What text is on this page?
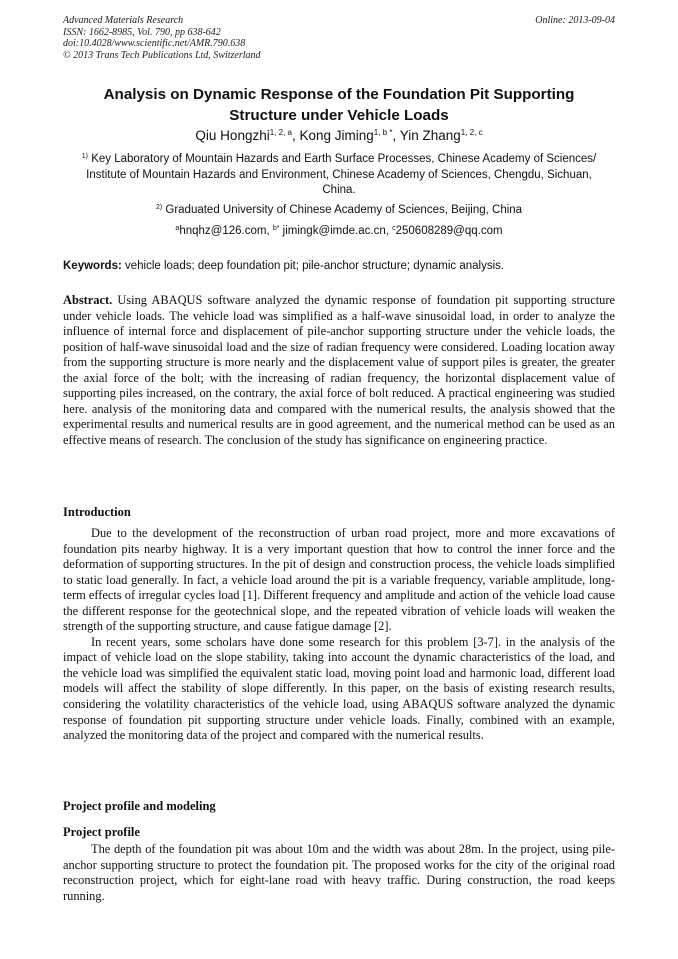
Advanced Materials Research
ISSN: 1662-8985, Vol. 790, pp 638-642
doi:10.4028/www.scientific.net/AMR.790.638
© 2013 Trans Tech Publications Ltd, Switzerland
Online: 2013-09-04
Analysis on Dynamic Response of the Foundation Pit Supporting
Structure under Vehicle Loads
Qiu Hongzhi$^{1, 2, a}$, Kong Jiming$^{1, b *}$, Yin Zhang$^{1, 2, c}$
$^{1)}$ Key Laboratory of Mountain Hazards and Earth Surface Processes, Chinese Academy of Sciences/ Institute of Mountain Hazards and Environment, Chinese Academy of Sciences, Chengdu, Sichuan, China.
$^{2)}$ Graduated University of Chinese Academy of Sciences, Beijing, China
$^a$hnqhz@126.com, $^{b*}$ jimingk@imde.ac.cn, $^c$250608289@qq.com
Keywords: vehicle loads; deep foundation pit; pile-anchor structure; dynamic analysis.
Abstract. Using ABAQUS software analyzed the dynamic response of foundation pit supporting structure under vehicle loads. The vehicle load was simplified as a half-wave sinusoidal load, in order to analyze the influence of internal force and displacement of pile-anchor supporting structure under the vehicle loads, the position of half-wave sinusoidal load and the size of radian frequency were considered. Loading location away from the supporting structure is more nearly and the displacement value of support piles is greater, the greater the axial force of the bolt; with the increasing of radian frequency, the horizontal displacement value of supporting piles increased, on the contrary, the axial force of bolt reduced. A practical engineering was studied here. analysis of the monitoring data and compared with the numerical results, the analysis showed that the experimental results and numerical results are in good agreement, and the numerical method can be used as an effective means of research. The conclusion of the study has significance on engineering practice.
Introduction

Due to the development of the reconstruction of urban road project, more and more excavations of foundation pits nearby highway. It is a very important question that how to control the inner force and the deformation of supporting structures. In the pit of design and construction process, the vehicle loads simplified to static load generally. In fact, a vehicle load around the pit is a variable frequency, variable amplitude, long-term effects of irregular cycles load [1]. Different frequency and amplitude and action of the vehicle load cause the different response for the geotechnical slope, and the repeated vibration of vehicle loads will weaken the strength of the supporting structure, and cause fatigue damage [2].

In recent years, some scholars have done some research for this problem [3-7]. in the analysis of the impact of vehicle load on the slope stability, taking into account the dynamic characteristics of the load, and the vehicle load was simplified the equivalent static load, moving point load and harmonic load, different load models will affect the stability of slope differently. In this paper, on the basis of existing research results, considering the volatility characteristics of the vehicle load, using ABAQUS software analyzed the dynamic response of foundation pit supporting structure under vehicle loads. Finally, combined with an example, analyzed the monitoring data of the project and compared with the numerical results.

Project profile and modeling
Project profile

The depth of the foundation pit was about 10m and the width was about 28m. In the project, using pile-anchor supporting structure to protect the foundation pit. The proposed works for the city of the original road reconstruction project, which for eight-lane road with heavy traffic. During construction, the road keeps running.
